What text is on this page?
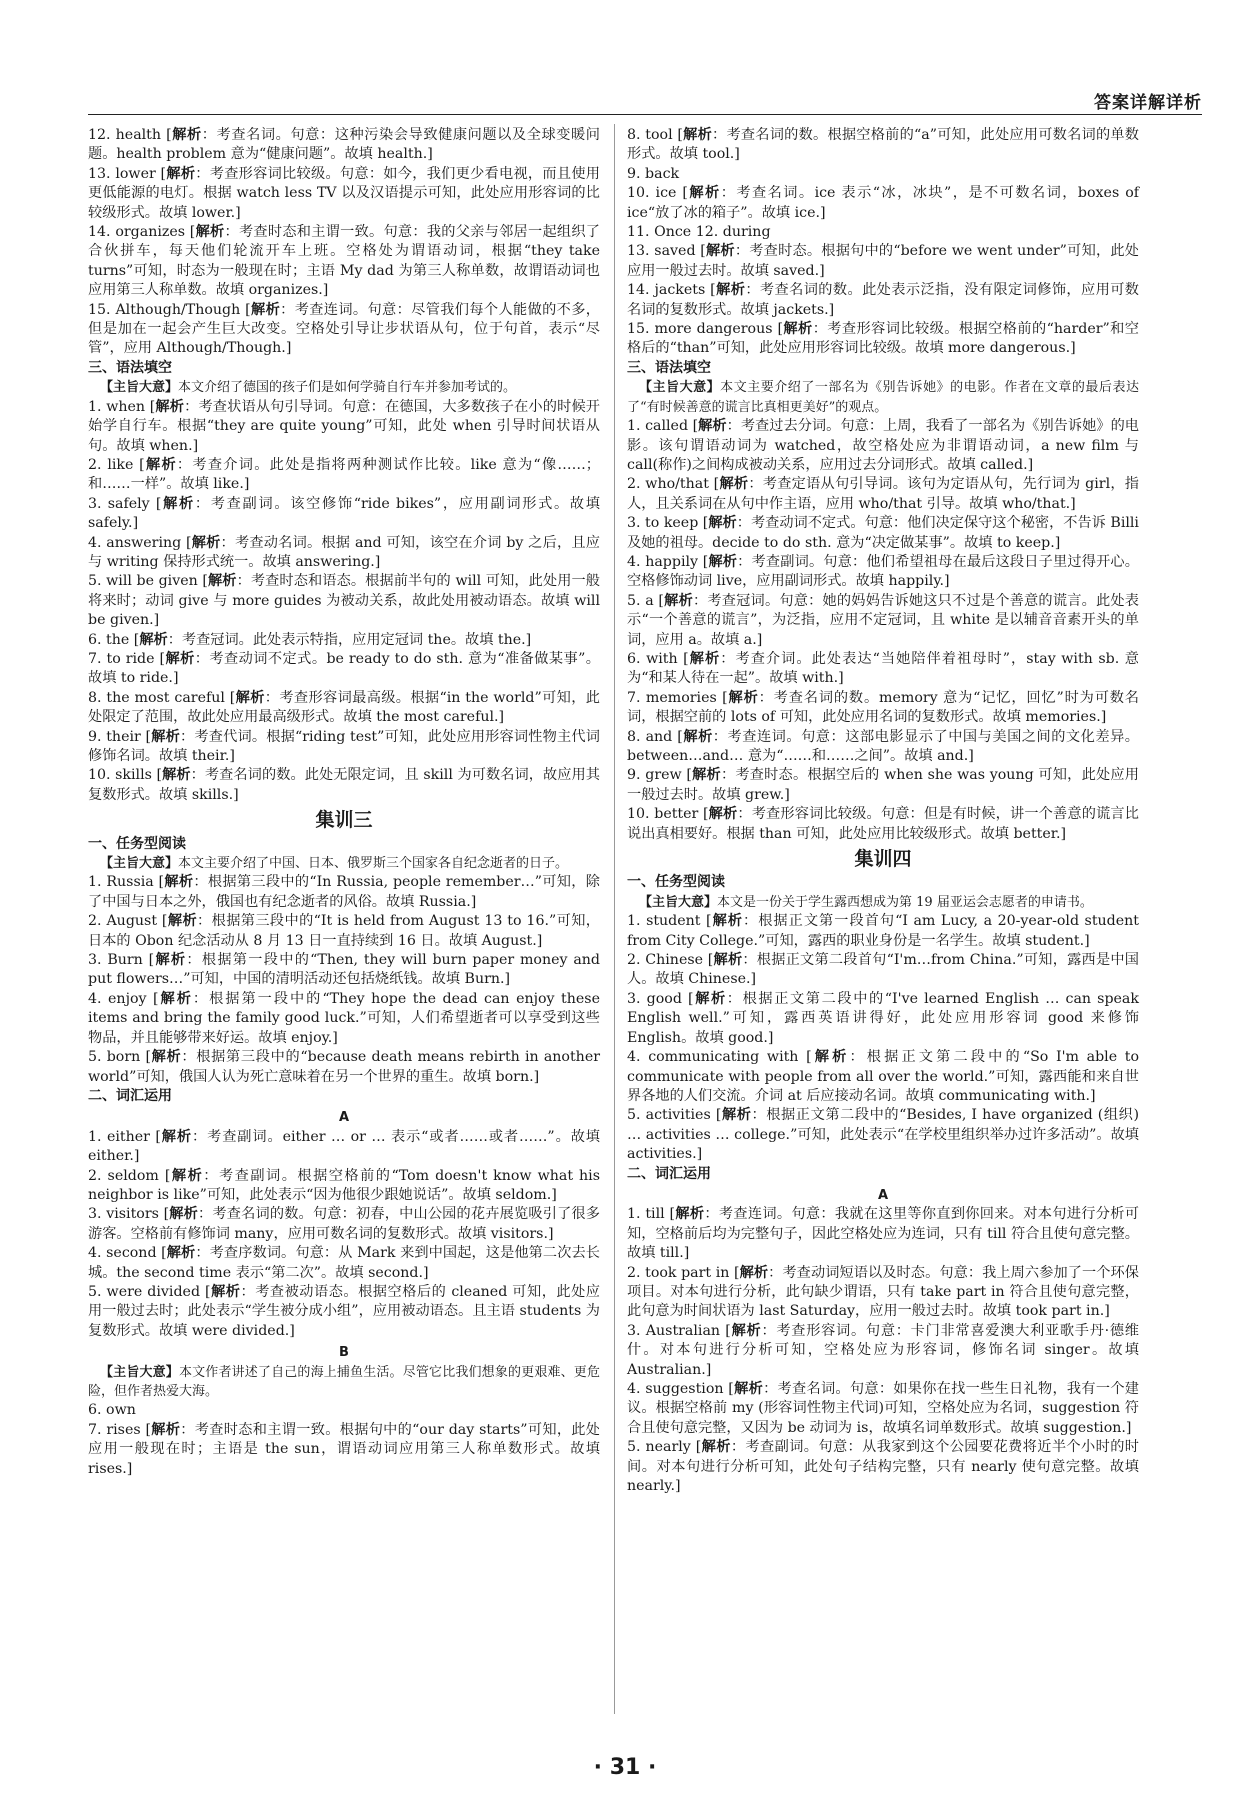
答案详解详析

12. health [解析：考查名词。句意：这种污染会导致健康问题以及全球变暖问题。health problem 意为“健康问题”。故填 health.]

13. lower [解析：考查形容词比较级。句意：如今，我们更少看电视，而且使用更低能源的电灯。根据 watch less TV 以及汉语提示可知，此处应用形容词的比较级形式。故填 lower.]

14. organizes [解析：考查时态和主谓一致。句意：我的父亲与邻居一起组织了合伙拼车，每天他们轮流开车上班。空格处为谓语动词，根据“they take turns”可知，时态为一般现在时；主语 My dad 为第三人称单数，故谓语动词也应用第三人称单数。故填 organizes.]

15. Although/Though [解析：考查连词。句意：尽管我们每个人能做的不多，但是加在一起会产生巨大改变。空格处引导让步状语从句，位于句首，表示“尽管”，应用 Although/Though.]

三、语法填空

【主旨大意】本文介绍了德国的孩子们是如何学骑自行车并参加考试的。

1. when [解析：考查状语从句引导词。句意：在德国，大多数孩子在小的时候开始学自行车。根据“they are quite young”可知，此处 when 引导时间状语从句。故填 when.]

2. like [解析：考查介词。此处是指将两种测试作比较。like 意为“像……；和……一样”。故填 like.]

3. safely [解析：考查副词。该空修饰“ride bikes”，应用副词形式。故填 safely.]

4. answering [解析：考查动名词。根据 and 可知，该空在介词 by 之后，且应与 writing 保持形式统一。故填 answering.]

5. will be given [解析：考查时态和语态。根据前半句的 will 可知，此处用一般将来时；动词 give 与 more guides 为被动关系，故此处用被动语态。故填 will be given.]

6. the [解析：考查冠词。此处表示特指，应用定冠词 the。故填 the.]

7. to ride [解析：考查动词不定式。be ready to do sth. 意为“准备做某事”。故填 to ride.]

8. the most careful [解析：考查形容词最高级。根据“in the world”可知，此处限定了范围，故此处应用最高级形式。故填 the most careful.]

9. their [解析：考查代词。根据“riding test”可知，此处应用形容词性物主代词修饰名词。故填 their.]

10. skills [解析：考查名词的数。此处无限定词，且 skill 为可数名词，故应用其复数形式。故填 skills.]

集训三

一、任务型阅读

【主旨大意】本文主要介绍了中国、日本、俄罗斯三个国家各自纪念逝者的日子。

1. Russia [解析：根据第三段中的“In Russia, people remember…”可知，除了中国与日本之外，俄国也有纪念逝者的风俗。故填 Russia.]

2. August [解析：根据第三段中的“It is held from August 13 to 16.”可知，日本的 Obon 纪念活动从 8 月 13 日一直持续到 16 日。故填 August.]

3. Burn [解析：根据第一段中的“Then, they will burn paper money and put flowers…”可知，中国的清明活动还包括烧纸钱。故填 Burn.]

4. enjoy [解析：根据第一段中的“They hope the dead can enjoy these items and bring the family good luck.”可知，人们希望逝者可以享受到这些物品，并且能够带来好运。故填 enjoy.]

5. born [解析：根据第三段中的“because death means rebirth in another world”可知，俄国人认为死亡意味着在另一个世界的重生。故填 born.]

二、词汇运用

A

1. either [解析：考查副词。either … or … 表示“或者……或者……”。故填 either.]

2. seldom [解析：考查副词。根据空格前的“Tom doesn't know what his neighbor is like”可知，此处表示“因为他很少跟她说话”。故填 seldom.]

3. visitors [解析：考查名词的数。句意：初春，中山公园的花卉展览吸引了很多游客。空格前有修饰词 many，应用可数名词的复数形式。故填 visitors.]

4. second [解析：考查序数词。句意：从 Mark 来到中国起，这是他第二次去长城。the second time 表示“第二次”。故填 second.]

5. were divided [解析：考查被动语态。根据空格后的 cleaned 可知，此处应用一般过去时；此处表示“学生被分成小组”，应用被动语态。且主语 students 为复数形式。故填 were divided.]

B

【主旨大意】本文作者讲述了自己的海上捕鱼生活。尽管它比我们想象的更艰难、更危险，但作者热爱大海。

6. own

7. rises [解析：考查时态和主谓一致。根据句中的“our day starts”可知，此处应用一般现在时；主语是 the sun，谓语动词应用第三人称单数形式。故填 rises.]

8. tool [解析：考查名词的数。根据空格前的“a”可知，此处应用可数名词的单数形式。故填 tool.]

9. back

10. ice [解析：考查名词。ice 表示“冰，冰块”，是不可数名词，boxes of ice“放了冰的箱子”。故填 ice.]

11. Once 12. during

13. saved [解析：考查时态。根据句中的“before we went under”可知，此处应用一般过去时。故填 saved.]

14. jackets [解析：考查名词的数。此处表示泛指，没有限定词修饰，应用可数名词的复数形式。故填 jackets.]

15. more dangerous [解析：考查形容词比较级。根据空格前的“harder”和空格后的“than”可知，此处应用形容词比较级。故填 more dangerous.]

三、语法填空

【主旨大意】本文主要介绍了一部名为《别告诉她》的电影。作者在文章的最后表达了“有时候善意的谎言比真相更美好”的观点。

1. called [解析：考查过去分词。句意：上周，我看了一部名为《别告诉她》的电影。该句谓语动词为 watched，故空格处应为非谓语动词，a new film 与 call(称作)之间构成被动关系，应用过去分词形式。故填 called.]

2. who/that [解析：考查定语从句引导词。该句为定语从句，先行词为 girl，指人，且关系词在从句中作主语，应用 who/that 引导。故填 who/that.]

3. to keep [解析：考查动词不定式。句意：他们决定保守这个秘密，不告诉 Billi 及她的祖母。decide to do sth. 意为“决定做某事”。故填 to keep.]

4. happily [解析：考查副词。句意：他们希望祖母在最后这段日子里过得开心。空格修饰动词 live，应用副词形式。故填 happily.]

5. a [解析：考查冠词。句意：她的妈妈告诉她这只不过是个善意的谎言。此处表示“一个善意的谎言”，为泛指，应用不定冠词，且 white 是以辅音音素开头的单词，应用 a。故填 a.]

6. with [解析：考查介词。此处表达“当她陪伴着祖母时”，stay with sb. 意为“和某人待在一起”。故填 with.]

7. memories [解析：考查名词的数。memory 意为“记忆，回忆”时为可数名词，根据空前的 lots of 可知，此处应用名词的复数形式。故填 memories.]

8. and [解析：考查连词。句意：这部电影显示了中国与美国之间的文化差异。between…and… 意为“……和……之间”。故填 and.]

9. grew [解析：考查时态。根据空后的 when she was young 可知，此处应用一般过去时。故填 grew.]

10. better [解析：考查形容词比较级。句意：但是有时候，讲一个善意的谎言比说出真相要好。根据 than 可知，此处应用比较级形式。故填 better.]

集训四

一、任务型阅读

【主旨大意】本文是一份关于学生露西想成为第 19 届亚运会志愿者的申请书。

1. student [解析：根据正文第一段首句“I am Lucy, a 20-year-old student from City College.”可知，露西的职业身份是一名学生。故填 student.]

2. Chinese [解析：根据正文第二段首句“I'm…from China.”可知，露西是中国人。故填 Chinese.]

3. good [解析：根据正文第二段中的“I've learned English … can speak English well.”可知，露西英语讲得好，此处应用形容词 good 来修饰 English。故填 good.]

4. communicating with [解析：根据正文第二段中的“So I'm able to communicate with people from all over the world.”可知，露西能和来自世界各地的人们交流。介词 at 后应接动名词。故填 communicating with.]

5. activities [解析：根据正文第二段中的“Besides, I have organized (组织) … activities … college.”可知，此处表示“在学校里组织举办过许多活动”。故填 activities.]

二、词汇运用

A

1. till [解析：考查连词。句意：我就在这里等你直到你回来。对本句进行分析可知，空格前后均为完整句子，因此空格处应为连词，只有 till 符合且使句意完整。故填 till.]

2. took part in [解析：考查动词短语以及时态。句意：我上周六参加了一个环保项目。对本句进行分析，此句缺少谓语，只有 take part in 符合且使句意完整，此句意为时间状语为 last Saturday，应用一般过去时。故填 took part in.]

3. Australian [解析：考查形容词。句意：卡门非常喜爱澳大利亚歌手丹·德维什。对本句进行分析可知，空格处应为形容词，修饰名词 singer。故填 Australian.]

4. suggestion [解析：考查名词。句意：如果你在找一些生日礼物，我有一个建议。根据空格前 my (形容词性物主代词)可知，空格处应为名词，suggestion 符合且使句意完整，又因为 be 动词为 is，故填名词单数形式。故填 suggestion.]

5. nearly [解析：考查副词。句意：从我家到这个公园要花费将近半个小时的时间。对本句进行分析可知，此处句子结构完整，只有 nearly 使句意完整。故填 nearly.]

· 31 ·
